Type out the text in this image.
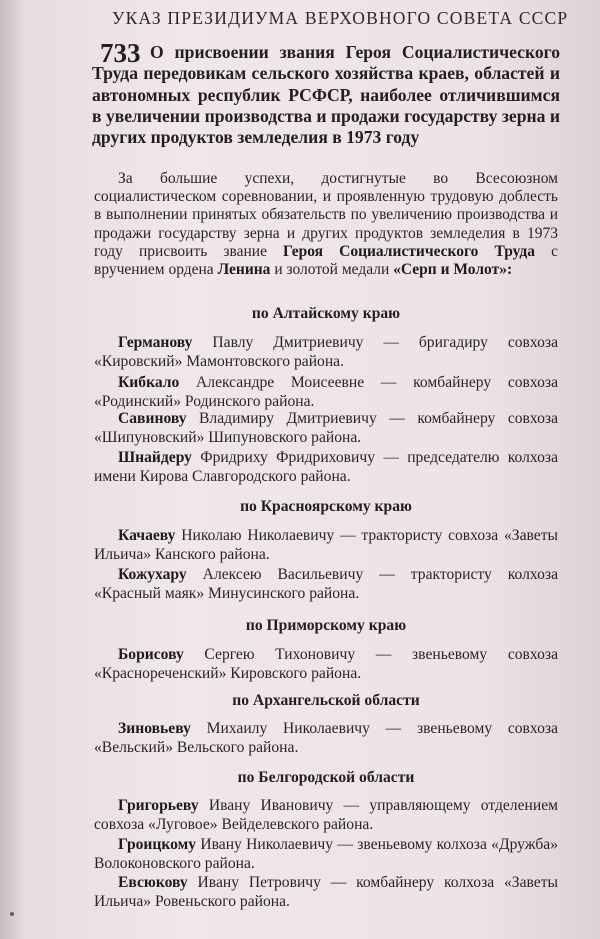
УКАЗ ПРЕЗИДИУМА ВЕРХОВНОГО СОВЕТА СССР
733 О присвоении звания Героя Социалистического Труда передовикам сельского хозяйства краев, областей и автономных республик РСФСР, наиболее отличившимся в увеличении производства и продажи государству зерна и других продуктов земледелия в 1973 году

За большие успехи, достигнутые во Всесоюзном социалистическом соревновании, и проявленную трудовую доблесть в выполнении принятых обязательств по увеличению производства и продажи государству зерна и других продуктов земледелия в 1973 году присвоить звание Героя Социалистического Труда с вручением ордена Ленина и золотой медали «Серп и Молот»:

по Алтайскому краю

Германову Павлу Дмитриевичу — бригадиру совхоза «Кировский» Мамонтовского района.

Кибкало Александре Моисеевне — комбайнеру совхоза «Родинский» Родинского района.

Савинову Владимиру Дмитриевичу — комбайнеру совхоза «Шипуновский» Шипуновского района.

Шнайдеру Фридриху Фридриховичу — председателю колхоза имени Кирова Славгородского района.

по Красноярскому краю

Качаеву Николаю Николаевичу — трактористу совхоза «Заветы Ильича» Канского района.

Кожухару Алексею Васильевичу — трактористу колхоза «Красный маяк» Минусинского района.

по Приморскому краю

Борисову Сергею Тихоновичу — звеньевому совхоза «Краснореченский» Кировского района.

по Архангельской области

Зиновьеву Михаилу Николаевичу — звеньевому совхоза «Вельский» Вельского района.

по Белгородской области

Григорьеву Ивану Ивановичу — управляющему отделением совхоза «Луговое» Вейделевского района.

Гроицкому Ивану Николаевичу — звеньевому колхоза «Дружба» Волоконовского района.

Евсюкову Ивану Петровичу — комбайнеру колхоза «Заветы Ильича» Ровеньского района.
